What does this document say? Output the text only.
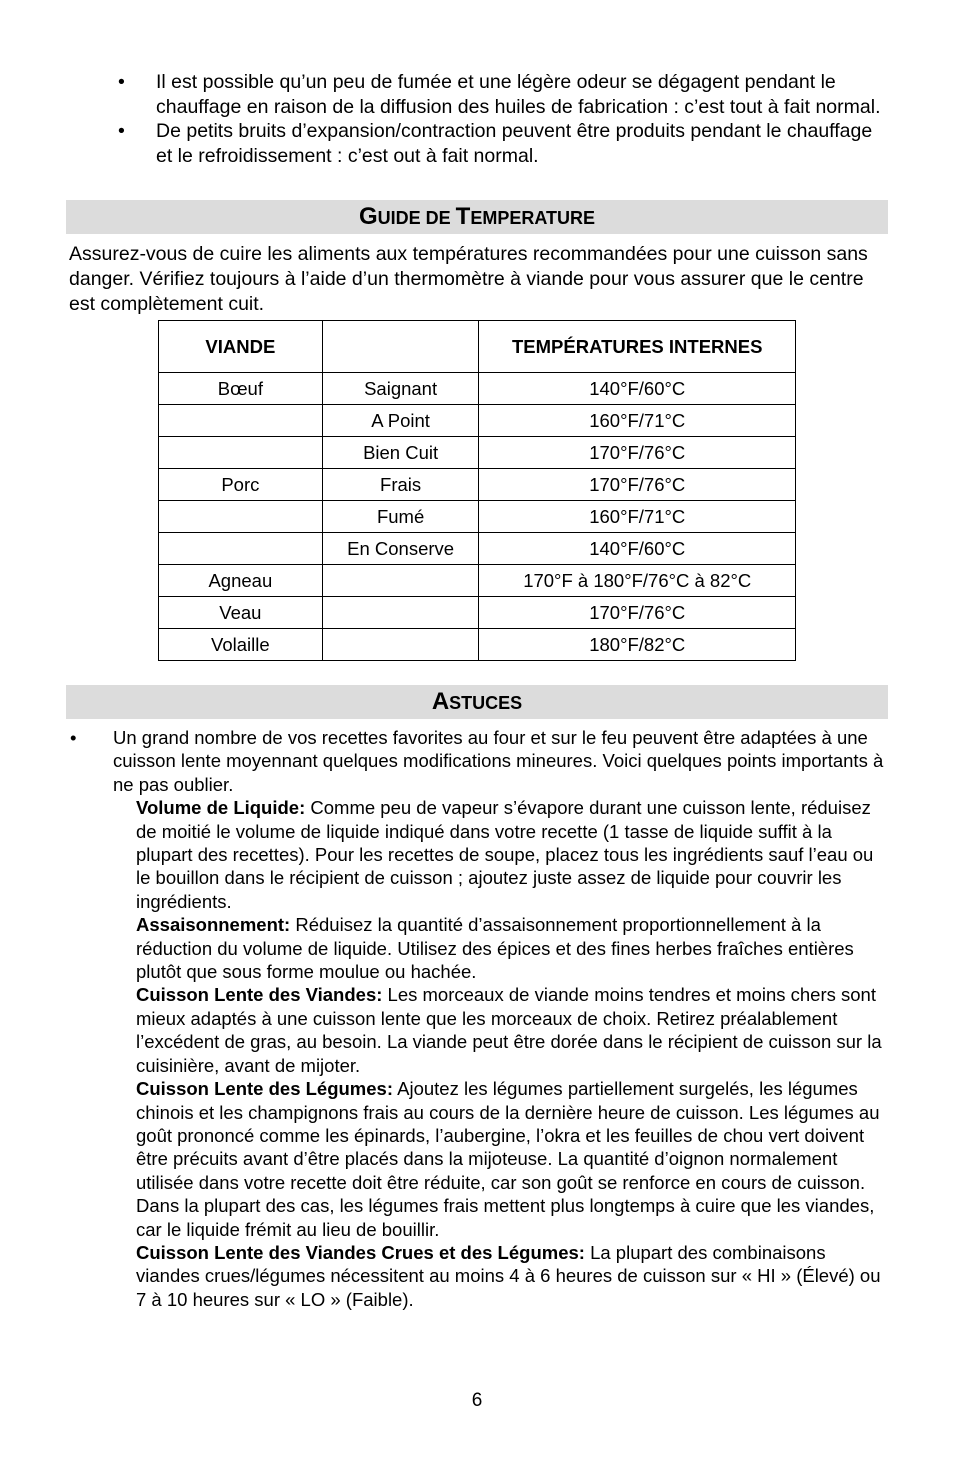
• Il est possible qu’un peu de fumée et une légère odeur se dégagent pendant le chauffage en raison de la diffusion des huiles de fabrication : c’est tout à fait normal.
• De petits bruits d’expansion/contraction peuvent être produits pendant le chauffage et le refroidissement : c’est out à fait normal.
GUIDE DE TEMPERATURE
Assurez-vous de cuire les aliments aux températures recommandées pour une cuisson sans danger. Vérifiez toujours à l’aide d’un thermomètre à viande pour vous assurer que le centre est complètement cuit.
VIANDE		TEMPÉRATURES INTERNES
Bœuf	Saignant	140°F/60°C
	A Point	160°F/71°C
	Bien Cuit	170°F/76°C
Porc	Frais	170°F/76°C
	Fumé	160°F/71°C
	En Conserve	140°F/60°C
Agneau		170°F à 180°F/76°C à 82°C
Veau		170°F/76°C
Volaille		180°F/82°C
ASTUCES
• Un grand nombre de vos recettes favorites au four et sur le feu peuvent être adaptées à une cuisson lente moyennant quelques modifications mineures. Voici quelques points importants à ne pas oublier.
Volume de Liquide: Comme peu de vapeur s’évapore durant une cuisson lente, réduisez de moitié le volume de liquide indiqué dans votre recette (1 tasse de liquide suffit à la plupart des recettes). Pour les recettes de soupe, placez tous les ingrédients sauf l’eau ou le bouillon dans le récipient de cuisson ; ajoutez juste assez de liquide pour couvrir les ingrédients.
Assaisonnement: Réduisez la quantité d’assaisonnement proportionnellement à la réduction du volume de liquide. Utilisez des épices et des fines herbes fraîches entières plutôt que sous forme moulue ou hachée.
Cuisson Lente des Viandes: Les morceaux de viande moins tendres et moins chers sont mieux adaptés à une cuisson lente que les morceaux de choix. Retirez préalablement l’excédent de gras, au besoin. La viande peut être dorée dans le récipient de cuisson sur la cuisinière, avant de mijoter.
Cuisson Lente des Légumes: Ajoutez les légumes partiellement surgelés, les légumes chinois et les champignons frais au cours de la dernière heure de cuisson. Les légumes au goût prononcé comme les épinards, l’aubergine, l’okra et les feuilles de chou vert doivent être précuits avant d’être placés dans la mijoteuse. La quantité d’oignon normalement utilisée dans votre recette doit être réduite, car son goût se renforce en cours de cuisson. Dans la plupart des cas, les légumes frais mettent plus longtemps à cuire que les viandes, car le liquide frémit au lieu de bouillir.
Cuisson Lente des Viandes Crues et des Légumes: La plupart des combinaisons viandes crues/légumes nécessitent au moins 4 à 6 heures de cuisson sur « HI » (Élevé) ou 7 à 10 heures sur « LO » (Faible).
6
